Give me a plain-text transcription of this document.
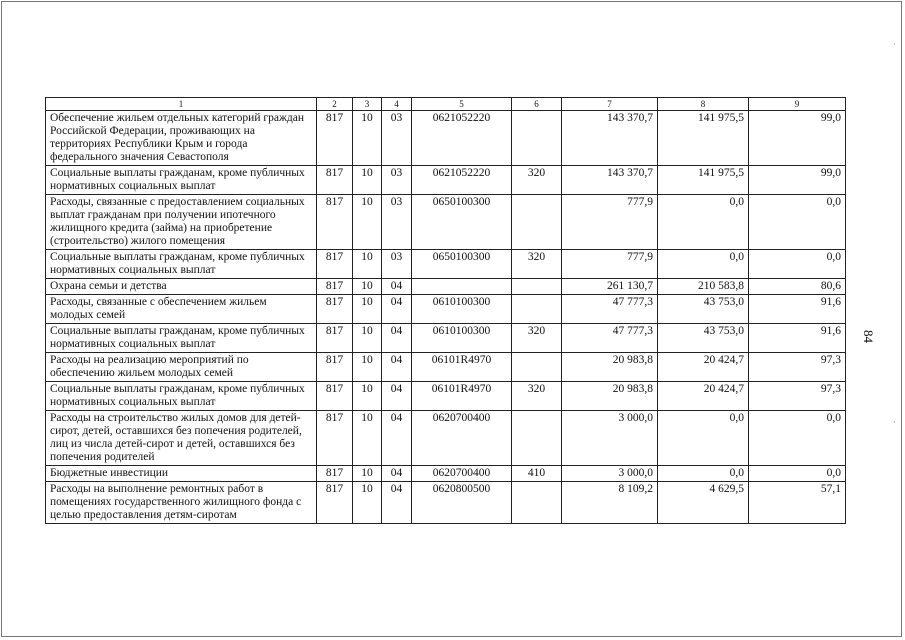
·
·
84
1	2	3	4	5	6	7	8	9
Обеспечение жильем отдельных категорий граждан Российской Федерации, проживающих на территориях Республики Крым и города федерального значения Севастополя	817	10	03	0621052220		143 370,7	141 975,5	99,0
Социальные выплаты гражданам, кроме публичных нормативных социальных выплат	817	10	03	0621052220	320	143 370,7	141 975,5	99,0
Расходы, связанные с предоставлением социальных выплат гражданам при получении ипотечного жилищного кредита (займа) на приобретение (строительство) жилого помещения	817	10	03	0650100300		777,9	0,0	0,0
Социальные выплаты гражданам, кроме публичных нормативных социальных выплат	817	10	03	0650100300	320	777,9	0,0	0,0
Охрана семьи и детства	817	10	04			261 130,7	210 583,8	80,6
Расходы, связанные с обеспечением жильем молодых семей	817	10	04	0610100300		47 777,3	43 753,0	91,6
Социальные выплаты гражданам, кроме публичных нормативных социальных выплат	817	10	04	0610100300	320	47 777,3	43 753,0	91,6
Расходы на реализацию мероприятий по обеспечению жильем молодых семей	817	10	04	06101R4970		20 983,8	20 424,7	97,3
Социальные выплаты гражданам, кроме публичных нормативных социальных выплат	817	10	04	06101R4970	320	20 983,8	20 424,7	97,3
Расходы на строительство жилых домов для детей-сирот, детей, оставшихся без попечения родителей, лиц из числа детей-сирот и детей, оставшихся без попечения родителей	817	10	04	0620700400		3 000,0	0,0	0,0
Бюджетные инвестиции	817	10	04	0620700400	410	3 000,0	0,0	0,0
Расходы на выполнение ремонтных работ в помещениях государственного жилищного фонда с целью предоставления детям-сиротам	817	10	04	0620800500		8 109,2	4 629,5	57,1
